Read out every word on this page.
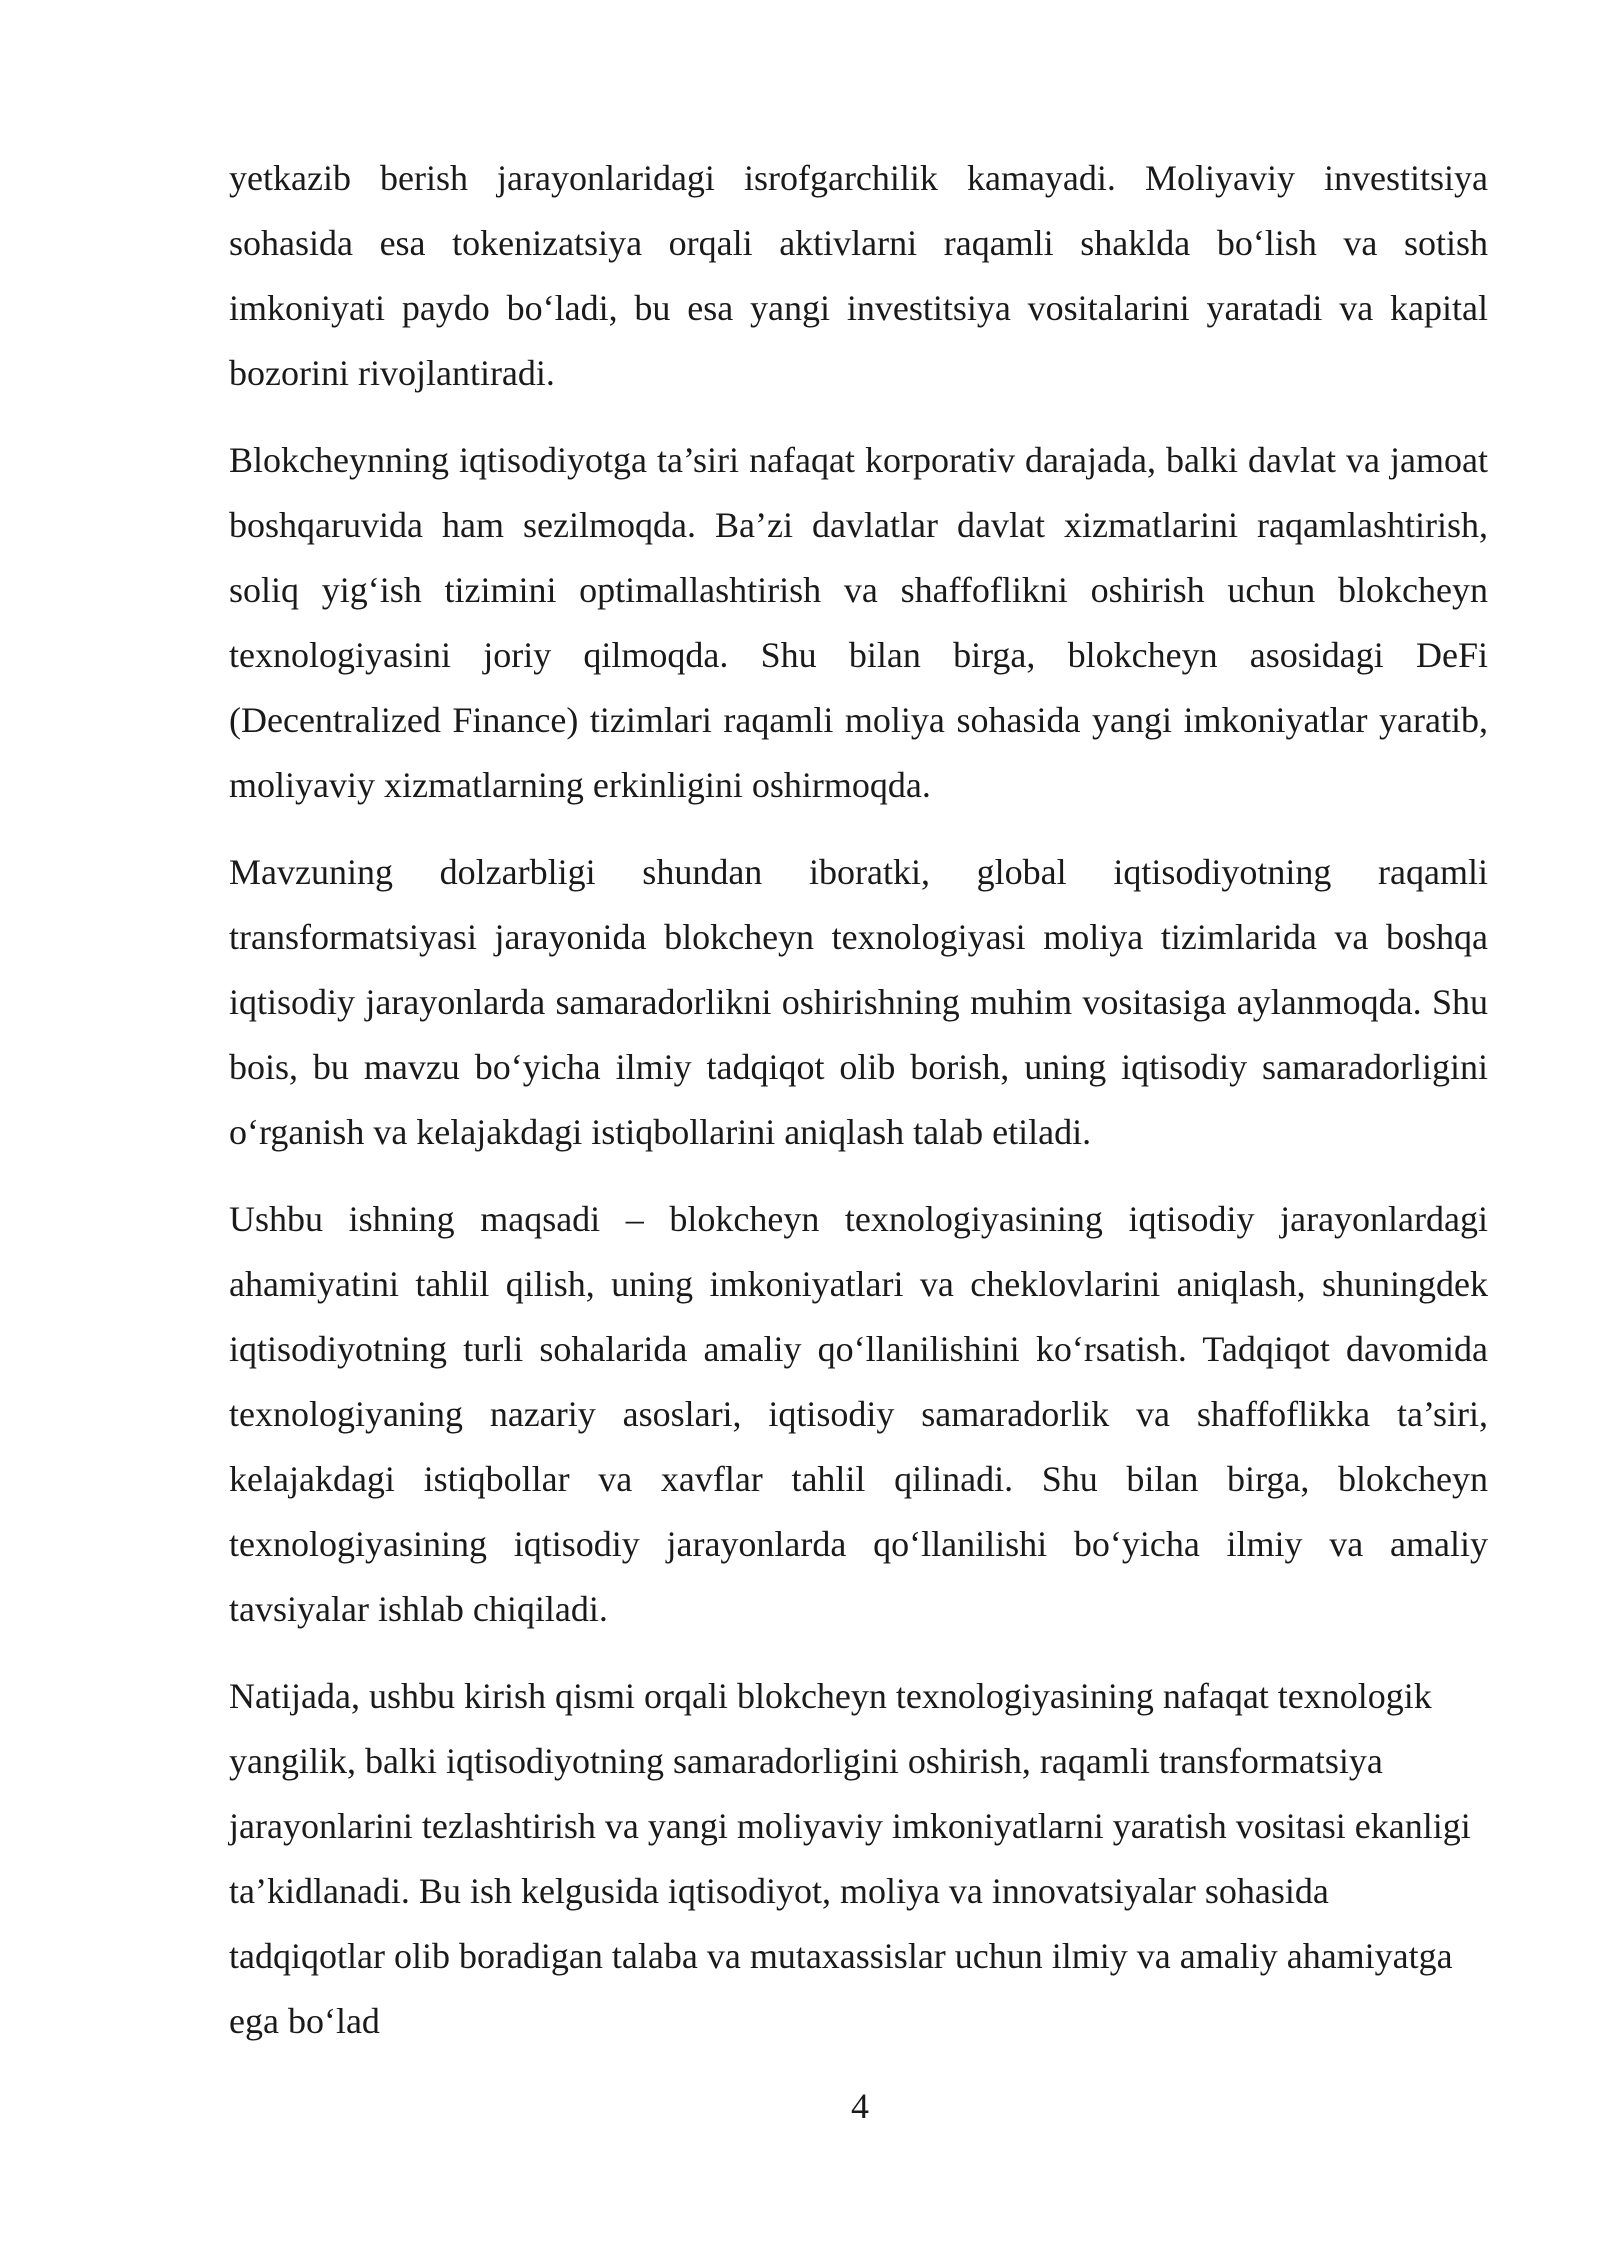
yetkazib berish jarayonlaridagi isrofgarchilik kamayadi. Moliyaviy investitsiya sohasida esa tokenizatsiya orqali aktivlarni raqamli shaklda bo‘lish va sotish imkoniyati paydo bo‘ladi, bu esa yangi investitsiya vositalarini yaratadi va kapital bozorini rivojlantiradi.

Blokcheynning iqtisodiyotga ta’siri nafaqat korporativ darajada, balki davlat va jamoat boshqaruvida ham sezilmoqda. Ba’zi davlatlar davlat xizmatlarini raqamlashtirish, soliq yig‘ish tizimini optimallashtirish va shaffoflikni oshirish uchun blokcheyn texnologiyasini joriy qilmoqda. Shu bilan birga, blokcheyn asosidagi DeFi (Decentralized Finance) tizimlari raqamli moliya sohasida yangi imkoniyatlar yaratib, moliyaviy xizmatlarning erkinligini oshirmoqda.

Mavzuning dolzarbligi shundan iboratki, global iqtisodiyotning raqamli transformatsiyasi jarayonida blokcheyn texnologiyasi moliya tizimlarida va boshqa iqtisodiy jarayonlarda samaradorlikni oshirishning muhim vositasiga aylanmoqda. Shu bois, bu mavzu bo‘yicha ilmiy tadqiqot olib borish, uning iqtisodiy samaradorligini o‘rganish va kelajakdagi istiqbollarini aniqlash talab etiladi.

Ushbu ishning maqsadi – blokcheyn texnologiyasining iqtisodiy jarayonlardagi ahamiyatini tahlil qilish, uning imkoniyatlari va cheklovlarini aniqlash, shuningdek iqtisodiyotning turli sohalarida amaliy qo‘llanilishini ko‘rsatish. Tadqiqot davomida texnologiyaning nazariy asoslari, iqtisodiy samaradorlik va shaffoflikka ta’siri, kelajakdagi istiqbollar va xavflar tahlil qilinadi. Shu bilan birga, blokcheyn texnologiyasining iqtisodiy jarayonlarda qo‘llanilishi bo‘yicha ilmiy va amaliy tavsiyalar ishlab chiqiladi.

Natijada, ushbu kirish qismi orqali blokcheyn texnologiyasining nafaqat texnologik yangilik, balki iqtisodiyotning samaradorligini oshirish, raqamli transformatsiya jarayonlarini tezlashtirish va yangi moliyaviy imkoniyatlarni yaratish vositasi ekanligi ta’kidlanadi. Bu ish kelgusida iqtisodiyot, moliya va innovatsiyalar sohasida tadqiqotlar olib boradigan talaba va mutaxassislar uchun ilmiy va amaliy ahamiyatga ega bo‘lad

4
